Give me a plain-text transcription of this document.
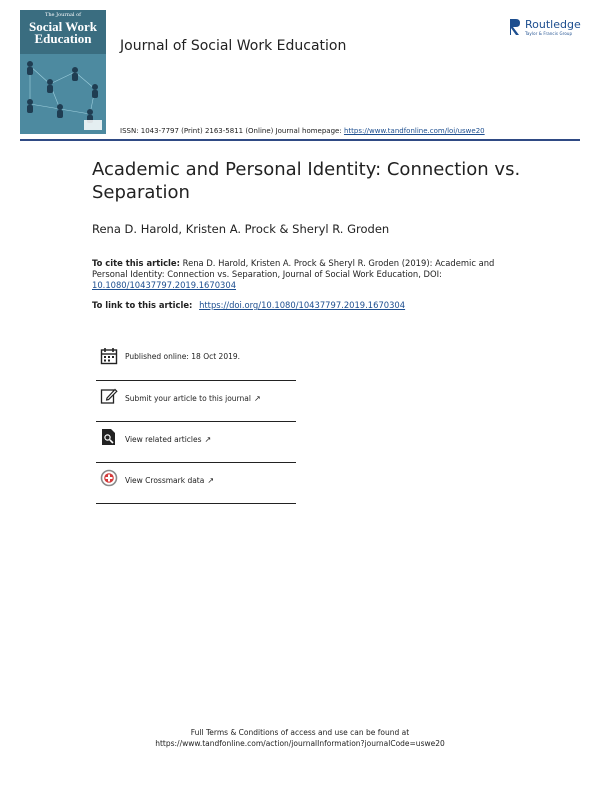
The Journal of
Social Work
Education	Journal of Social Work Education
Routledge
Taylor & Francis Group
ISSN: 1043-7797 (Print) 2163-5811 (Online) Journal homepage: https://www.tandfonline.com/loi/uswe20
Academic and Personal Identity: Connection vs. Separation
Rena D. Harold, Kristen A. Prock & Sheryl R. Groden
To cite this article: Rena D. Harold, Kristen A. Prock & Sheryl R. Groden (2019): Academic and Personal Identity: Connection vs. Separation, Journal of Social Work Education, DOI: 10.1080/10437797.2019.1670304
To link to this article: https://doi.org/10.1080/10437797.2019.1670304
Published online: 18 Oct 2019.
Submit your article to this journal ↗
View related articles ↗
View Crossmark data ↗
Full Terms & Conditions of access and use can be found at
https://www.tandfonline.com/action/journalInformation?journalCode=uswe20
